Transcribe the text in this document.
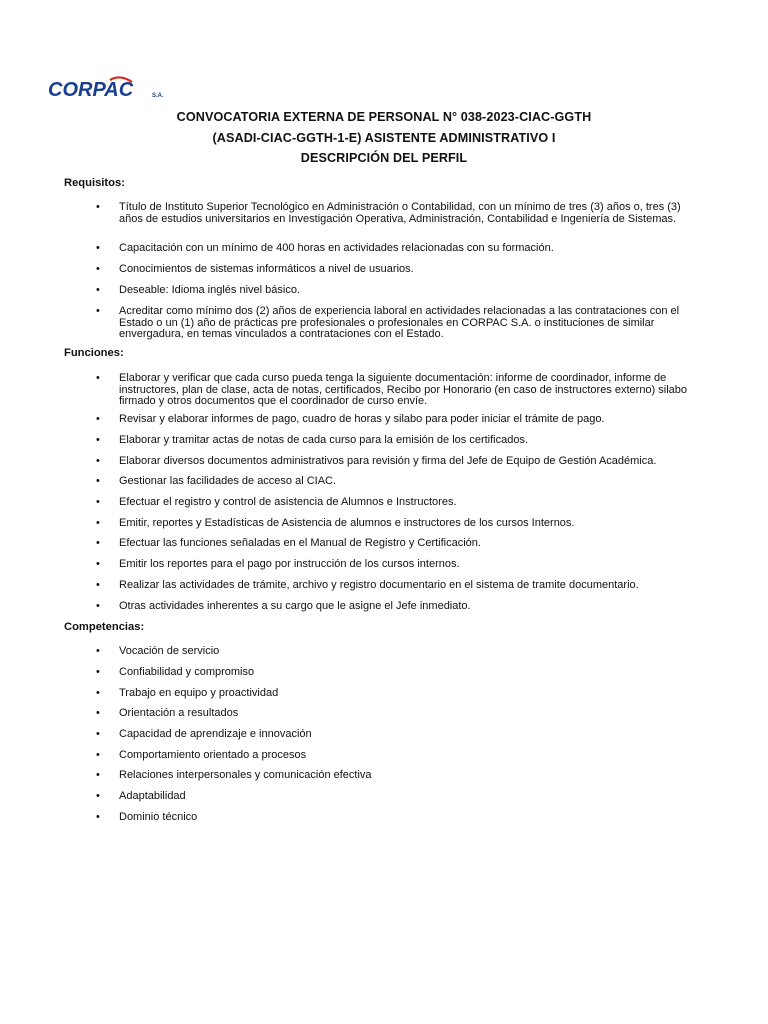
CORPAC	S.A.
CONVOCATORIA EXTERNA DE PERSONAL N° 038-2023-CIAC-GGTH
(ASADI-CIAC-GGTH-1-E) ASISTENTE ADMINISTRATIVO I
DESCRIPCIÓN DEL PERFIL
Requisitos:
• Título de Instituto Superior Tecnológico en Administración o Contabilidad, con un mínimo de tres (3) años o, tres (3) años de estudios universitarios en Investigación Operativa, Administración, Contabilidad e Ingeniería de Sistemas.
• Capacitación con un mínimo de 400 horas en actividades relacionadas con su formación.
• Conocimientos de sistemas informáticos a nivel de usuarios.
• Deseable: Idioma inglés nivel básico.
• Acreditar como mínimo dos (2) años de experiencia laboral en actividades relacionadas a las contrataciones con el Estado o un (1) año de prácticas pre profesionales o profesionales en CORPAC S.A. o instituciones de similar envergadura, en temas vinculados a contrataciones con el Estado.
Funciones:
• Elaborar y verificar que cada curso pueda tenga la siguiente documentación: informe de coordinador, informe de instructores, plan de clase, acta de notas, certificados, Recibo por Honorario (en caso de instructores externo) silabo firmado y otros documentos que el coordinador de curso envíe.
• Revisar y elaborar informes de pago, cuadro de horas y silabo para poder iniciar el trámite de pago.
• Elaborar y tramitar actas de notas de cada curso para la emisión de los certificados.
• Elaborar diversos documentos administrativos para revisión y firma del Jefe de Equipo de Gestión Académica.
• Gestionar las facilidades de acceso al CIAC.
• Efectuar el registro y control de asistencia de Alumnos e Instructores.
• Emitir, reportes y Estadísticas de Asistencia de alumnos e instructores de los cursos Internos.
• Efectuar las funciones señaladas en el Manual de Registro y Certificación.
• Emitir los reportes para el pago por instrucción de los cursos internos.
• Realizar las actividades de trámite, archivo y registro documentario en el sistema de tramite documentario.
• Otras actividades inherentes a su cargo que le asigne el Jefe inmediato.
Competencias:
• Vocación de servicio
• Confiabilidad y compromiso
• Trabajo en equipo y proactividad
• Orientación a resultados
• Capacidad de aprendizaje e innovación
• Comportamiento orientado a procesos
• Relaciones interpersonales y comunicación efectiva
• Adaptabilidad
• Dominio técnico
